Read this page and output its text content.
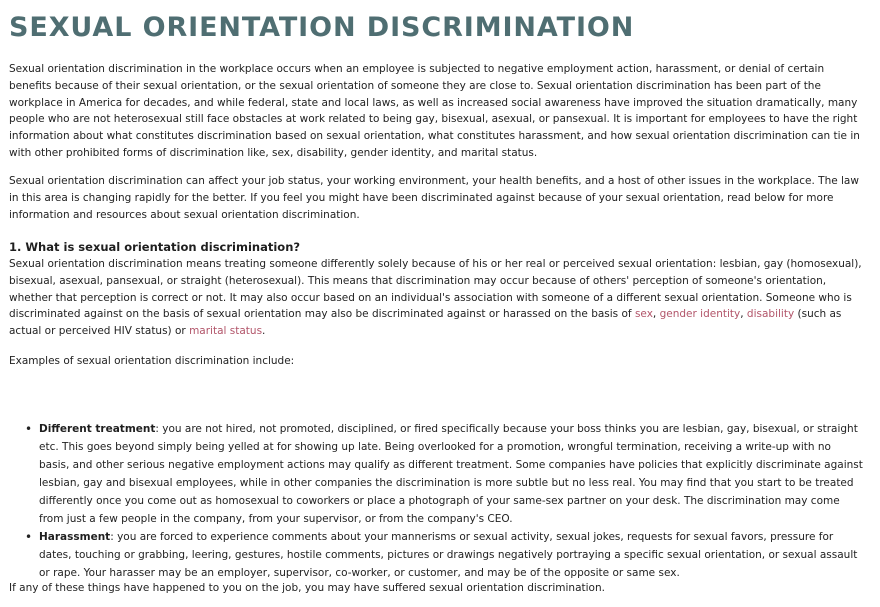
SEXUAL ORIENTATION DISCRIMINATION

Sexual orientation discrimination in the workplace occurs when an employee is subjected to negative employment action, harassment, or denial of certain benefits because of their sexual orientation, or the sexual orientation of someone they are close to. Sexual orientation discrimination has been part of the workplace in America for decades, and while federal, state and local laws, as well as increased social awareness have improved the situation dramatically, many people who are not heterosexual still face obstacles at work related to being gay, bisexual, asexual, or pansexual. It is important for employees to have the right information about what constitutes discrimination based on sexual orientation, what constitutes harassment, and how sexual orientation discrimination can tie in with other prohibited forms of discrimination like, sex, disability, gender identity, and marital status.

Sexual orientation discrimination can affect your job status, your working environment, your health benefits, and a host of other issues in the workplace. The law in this area is changing rapidly for the better. If you feel you might have been discriminated against because of your sexual orientation, read below for more information and resources about sexual orientation discrimination.

1. What is sexual orientation discrimination?

Sexual orientation discrimination means treating someone differently solely because of his or her real or perceived sexual orientation: lesbian, gay (homosexual), bisexual, asexual, pansexual, or straight (heterosexual). This means that discrimination may occur because of others' perception of someone's orientation, whether that perception is correct or not. It may also occur based on an individual's association with someone of a different sexual orientation. Someone who is discriminated against on the basis of sexual orientation may also be discriminated against or harassed on the basis of sex, gender identity, disability (such as actual or perceived HIV status) or marital status.

Examples of sexual orientation discrimination include:

• Different treatment: you are not hired, not promoted, disciplined, or fired specifically because your boss thinks you are lesbian, gay, bisexual, or straight etc. This goes beyond simply being yelled at for showing up late. Being overlooked for a promotion, wrongful termination, receiving a write-up with no basis, and other serious negative employment actions may qualify as different treatment. Some companies have policies that explicitly discriminate against lesbian, gay and bisexual employees, while in other companies the discrimination is more subtle but no less real. You may find that you start to be treated differently once you come out as homosexual to coworkers or place a photograph of your same-sex partner on your desk. The discrimination may come from just a few people in the company, from your supervisor, or from the company's CEO.
• Harassment: you are forced to experience comments about your mannerisms or sexual activity, sexual jokes, requests for sexual favors, pressure for dates, touching or grabbing, leering, gestures, hostile comments, pictures or drawings negatively portraying a specific sexual orientation, or sexual assault or rape. Your harasser may be an employer, supervisor, co-worker, or customer, and may be of the opposite or same sex.

If any of these things have happened to you on the job, you may have suffered sexual orientation discrimination.
